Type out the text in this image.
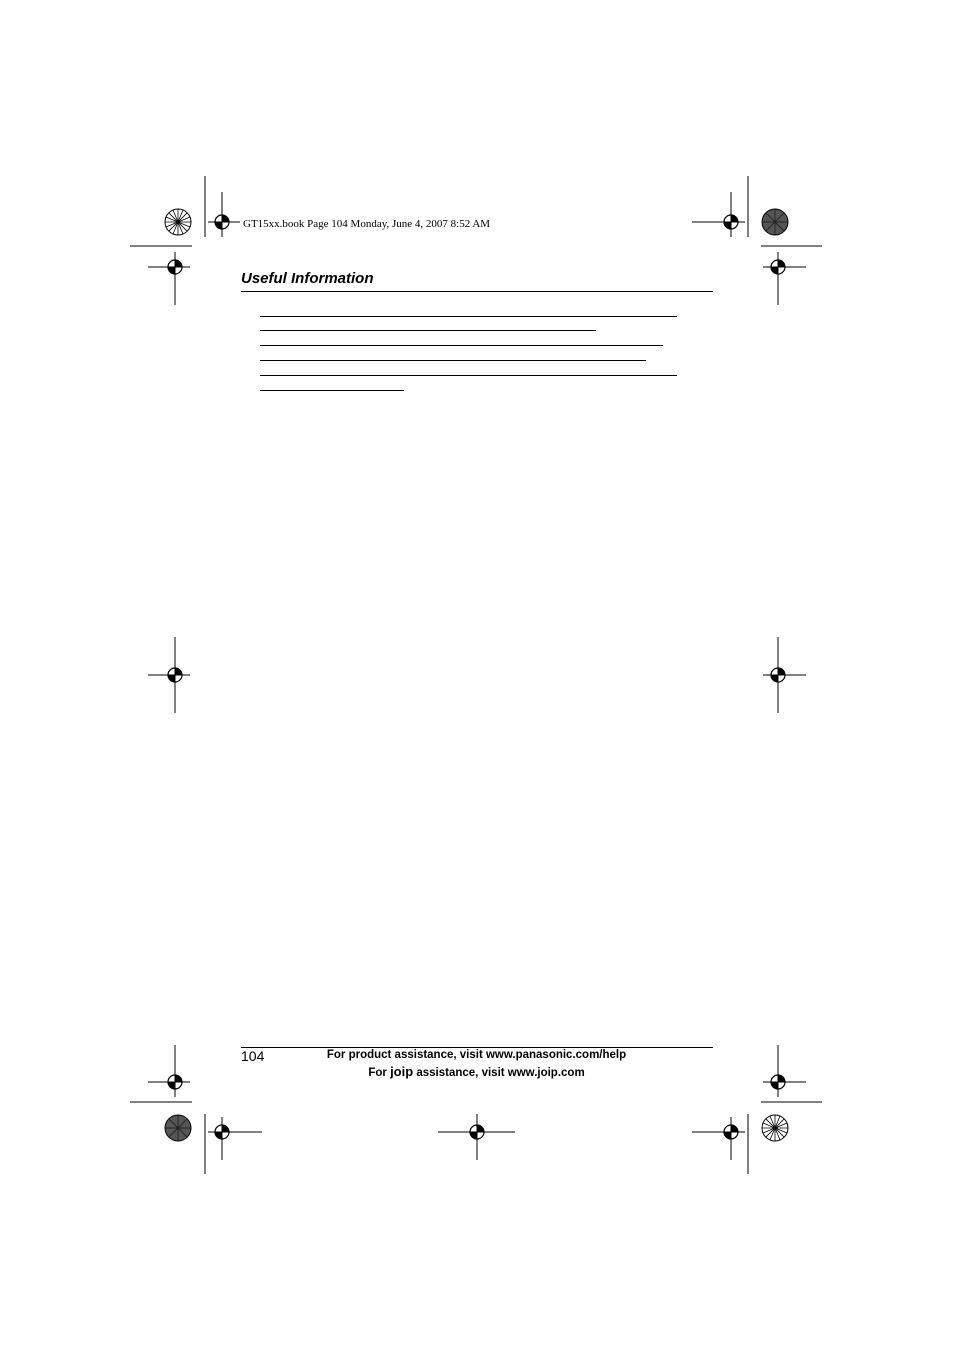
GT15xx.book Page 104 Monday, June 4, 2007 8:52 AM
Useful Information
104	For product assistance, visit www.panasonic.com/help
For joip assistance, visit www.joip.com
